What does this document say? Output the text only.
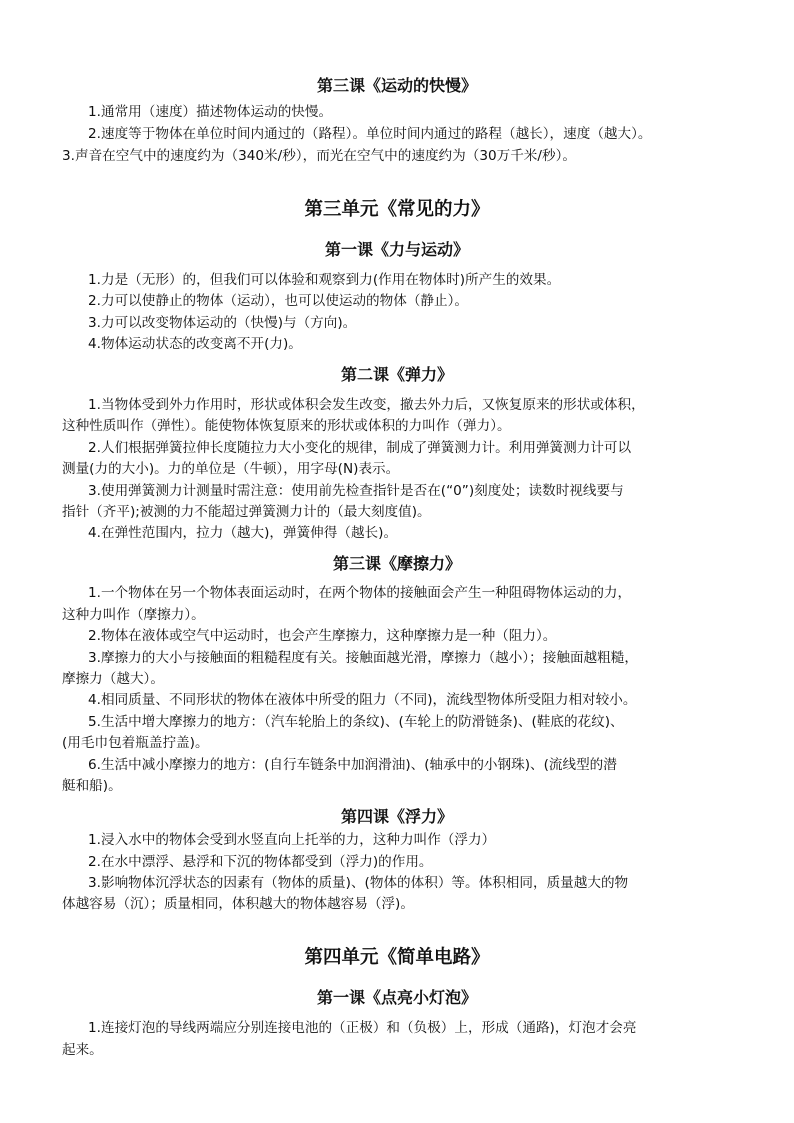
第三课《运动的快慢》
1.通常用（速度）描述物体运动的快慢。
2.速度等于物体在单位时间内通过的（路程）。单位时间内通过的路程（越长），速度（越大）。
3.声音在空气中的速度约为（340米/秒），而光在空气中的速度约为（30万千米/秒）。
第三单元《常见的力》
第一课《力与运动》
1.力是（无形）的，但我们可以体验和观察到力(作用在物体时)所产生的效果。
2.力可以使静止的物体（运动），也可以使运动的物体（静止）。
3.力可以改变物体运动的（快慢)与（方向)。
4.物体运动状态的改变离不开(力)。
第二课《弹力》
1.当物体受到外力作用时，形状或体积会发生改变，撤去外力后，又恢复原来的形状或体积，
这种性质叫作（弹性）。能使物体恢复原来的形状或体积的力叫作（弹力）。
2.人们根据弹簧拉伸长度随拉力大小变化的规律，制成了弹簧测力计。利用弹簧测力计可以
测量(力的大小)。力的单位是（牛顿），用字母(N)表示。
3.使用弹簧测力计测量时需注意：使用前先检查指针是否在(“0”)刻度处；读数时视线要与
指针（齐平);被测的力不能超过弹簧测力计的（最大刻度值)。
4.在弹性范围内，拉力（越大)，弹簧伸得（越长)。
第三课《摩擦力》
1.一个物体在另一个物体表面运动时，在两个物体的接触面会产生一种阻碍物体运动的力，
这种力叫作（摩擦力）。
2.物体在液体或空气中运动时，也会产生摩擦力，这种摩擦力是一种（阻力）。
3.摩擦力的大小与接触面的粗糙程度有关。接触面越光滑，摩擦力（越小）；接触面越粗糙，
摩擦力（越大）。
4.相同质量、不同形状的物体在液体中所受的阻力（不同)，流线型物体所受阻力相对较小。
5.生活中增大摩擦力的地方：（汽车轮胎上的条纹)、(车轮上的防滑链条)、(鞋底的花纹)、
(用毛巾包着瓶盖拧盖)。
6.生活中减小摩擦力的地方：(自行车链条中加润滑油)、(轴承中的小钢珠)、(流线型的潜
艇和船)。
第四课《浮力》
1.浸入水中的物体会受到水竖直向上托举的力，这种力叫作（浮力）
2.在水中漂浮、悬浮和下沉的物体都受到（浮力)的作用。
3.影响物体沉浮状态的因素有（物体的质量)、(物体的体积）等。体积相同，质量越大的物
体越容易（沉）；质量相同，体积越大的物体越容易（浮)。
第四单元《简单电路》
第一课《点亮小灯泡》
1.连接灯泡的导线两端应分别连接电池的（正极）和（负极）上，形成（通路)，灯泡才会亮
起来。
